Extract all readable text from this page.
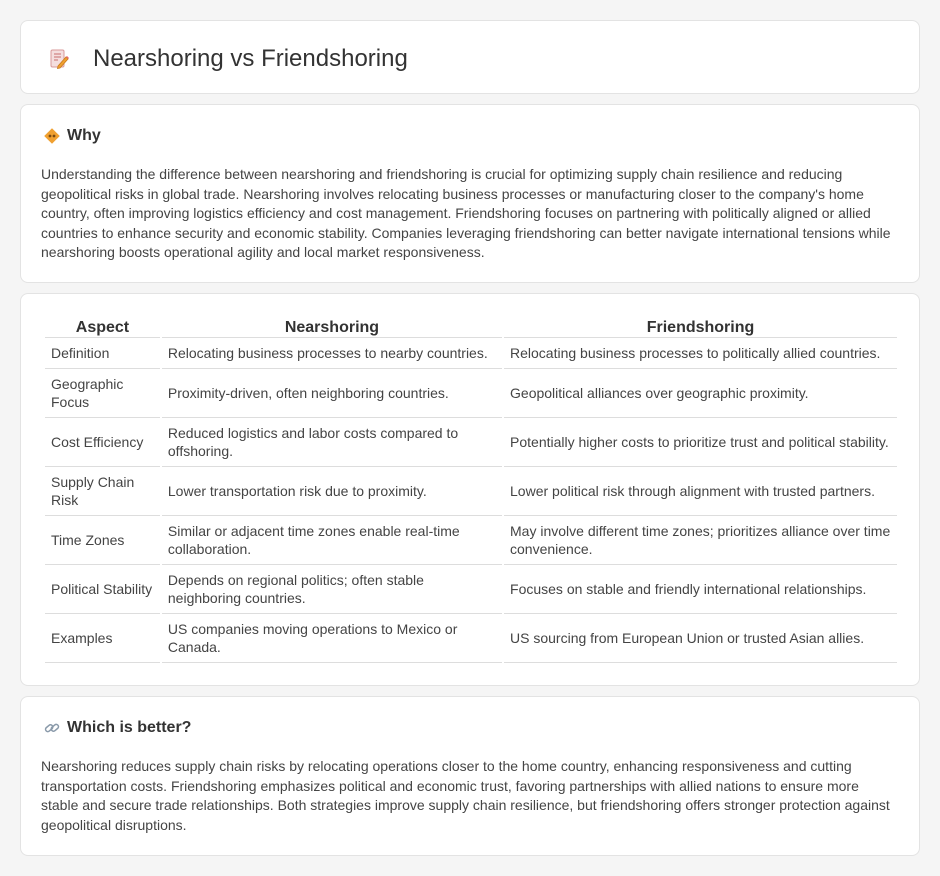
Nearshoring vs Friendshoring
Why

Understanding the difference between nearshoring and friendshoring is crucial for optimizing supply chain resilience and reducing geopolitical risks in global trade. Nearshoring involves relocating business processes or manufacturing closer to the company's home country, often improving logistics efficiency and cost management. Friendshoring focuses on partnering with politically aligned or allied countries to enhance security and economic stability. Companies leveraging friendshoring can better navigate international tensions while nearshoring boosts operational agility and local market responsiveness.

Aspect	Nearshoring	Friendshoring
Definition	Relocating business processes to nearby countries.	Relocating business processes to politically allied countries.
Geographic Focus	Proximity-driven, often neighboring countries.	Geopolitical alliances over geographic proximity.
Cost Efficiency	Reduced logistics and labor costs compared to offshoring.	Potentially higher costs to prioritize trust and political stability.
Supply Chain Risk	Lower transportation risk due to proximity.	Lower political risk through alignment with trusted partners.
Time Zones	Similar or adjacent time zones enable real-time collaboration.	May involve different time zones; prioritizes alliance over time convenience.
Political Stability	Depends on regional politics; often stable neighboring countries.	Focuses on stable and friendly international relationships.
Examples	US companies moving operations to Mexico or Canada.	US sourcing from European Union or trusted Asian allies.
Which is better?

Nearshoring reduces supply chain risks by relocating operations closer to the home country, enhancing responsiveness and cutting transportation costs. Friendshoring emphasizes political and economic trust, favoring partnerships with allied nations to ensure more stable and secure trade relationships. Both strategies improve supply chain resilience, but friendshoring offers stronger protection against geopolitical disruptions.
